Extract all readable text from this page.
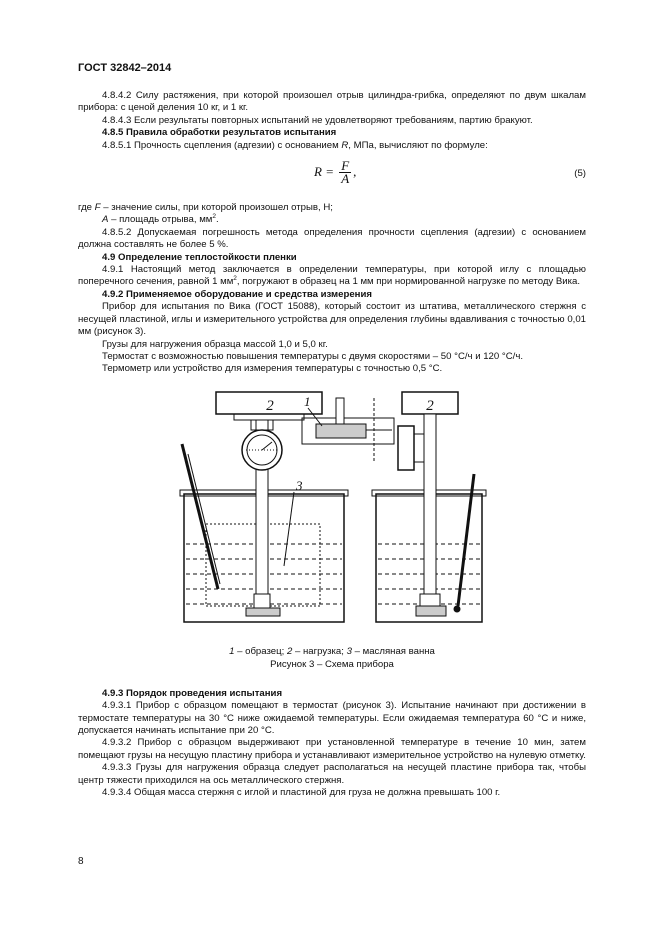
ГОСТ 32842–2014

4.8.4.2 Силу растяжения, при которой произошел отрыв цилиндра-грибка, определяют по двум шкалам прибора: с ценой деления 10 кг, и 1 кг.

4.8.4.3 Если результаты повторных испытаний не удовлетворяют требованиям, партию бракуют.

4.8.5 Правила обработки результатов испытания

4.8.5.1 Прочность сцепления (адгезии) с основанием R, МПа, вычисляют по формуле:

$R = \frac{F}{A}$ ,	(5)

где F – значение силы, при которой произошел отрыв, Н;

A – площадь отрыва, $мм^2$.

4.8.5.2 Допускаемая погрешность метода определения прочности сцепления (адгезии) с основанием должна составлять не более 5 %.

4.9 Определение теплостойкости пленки

4.9.1 Настоящий метод заключается в определении температуры, при которой иглу с площадью поперечного сечения, равной 1 $мм^2$, погружают в образец на 1 мм при нормированной нагрузке по методу Вика.

4.9.2 Применяемое оборудование и средства измерения

Прибор для испытания по Вика (ГОСТ 15088), который состоит из штатива, металлического стержня с несущей пластиной, иглы и измерительного устройства для определения глубины вдавливания с точностью 0,01 мм (рисунок 3).

Грузы для нагружения образца массой 1,0 и 5,0 кг.

Термостат с возможностью повышения температуры с двумя скоростями – 50 °С/ч и 120 °С/ч.

Термометр или устройство для измерения температуры с точностью 0,5 °С.

2
3
1	2
1 – образец; 2 – нагрузка; 3 – масляная ванна
Рисунок 3 – Схема прибора

4.9.3 Порядок проведения испытания

4.9.3.1 Прибор с образцом помещают в термостат (рисунок 3). Испытание начинают при достижении в термостате температуры на 30 °С ниже ожидаемой температуры. Если ожидаемая температура 60 °С и ниже, допускается начинать испытание при 20 °С.

4.9.3.2 Прибор с образцом выдерживают при установленной температуре в течение 10 мин, затем помещают грузы на несущую пластину прибора и устанавливают измерительное устройство на нулевую отметку.

4.9.3.3 Грузы для нагружения образца следует располагаться на несущей пластине прибора так, чтобы центр тяжести приходился на ось металлического стержня.

4.9.3.4 Общая масса стержня с иглой и пластиной для груза не должна превышать 100 г.

8
